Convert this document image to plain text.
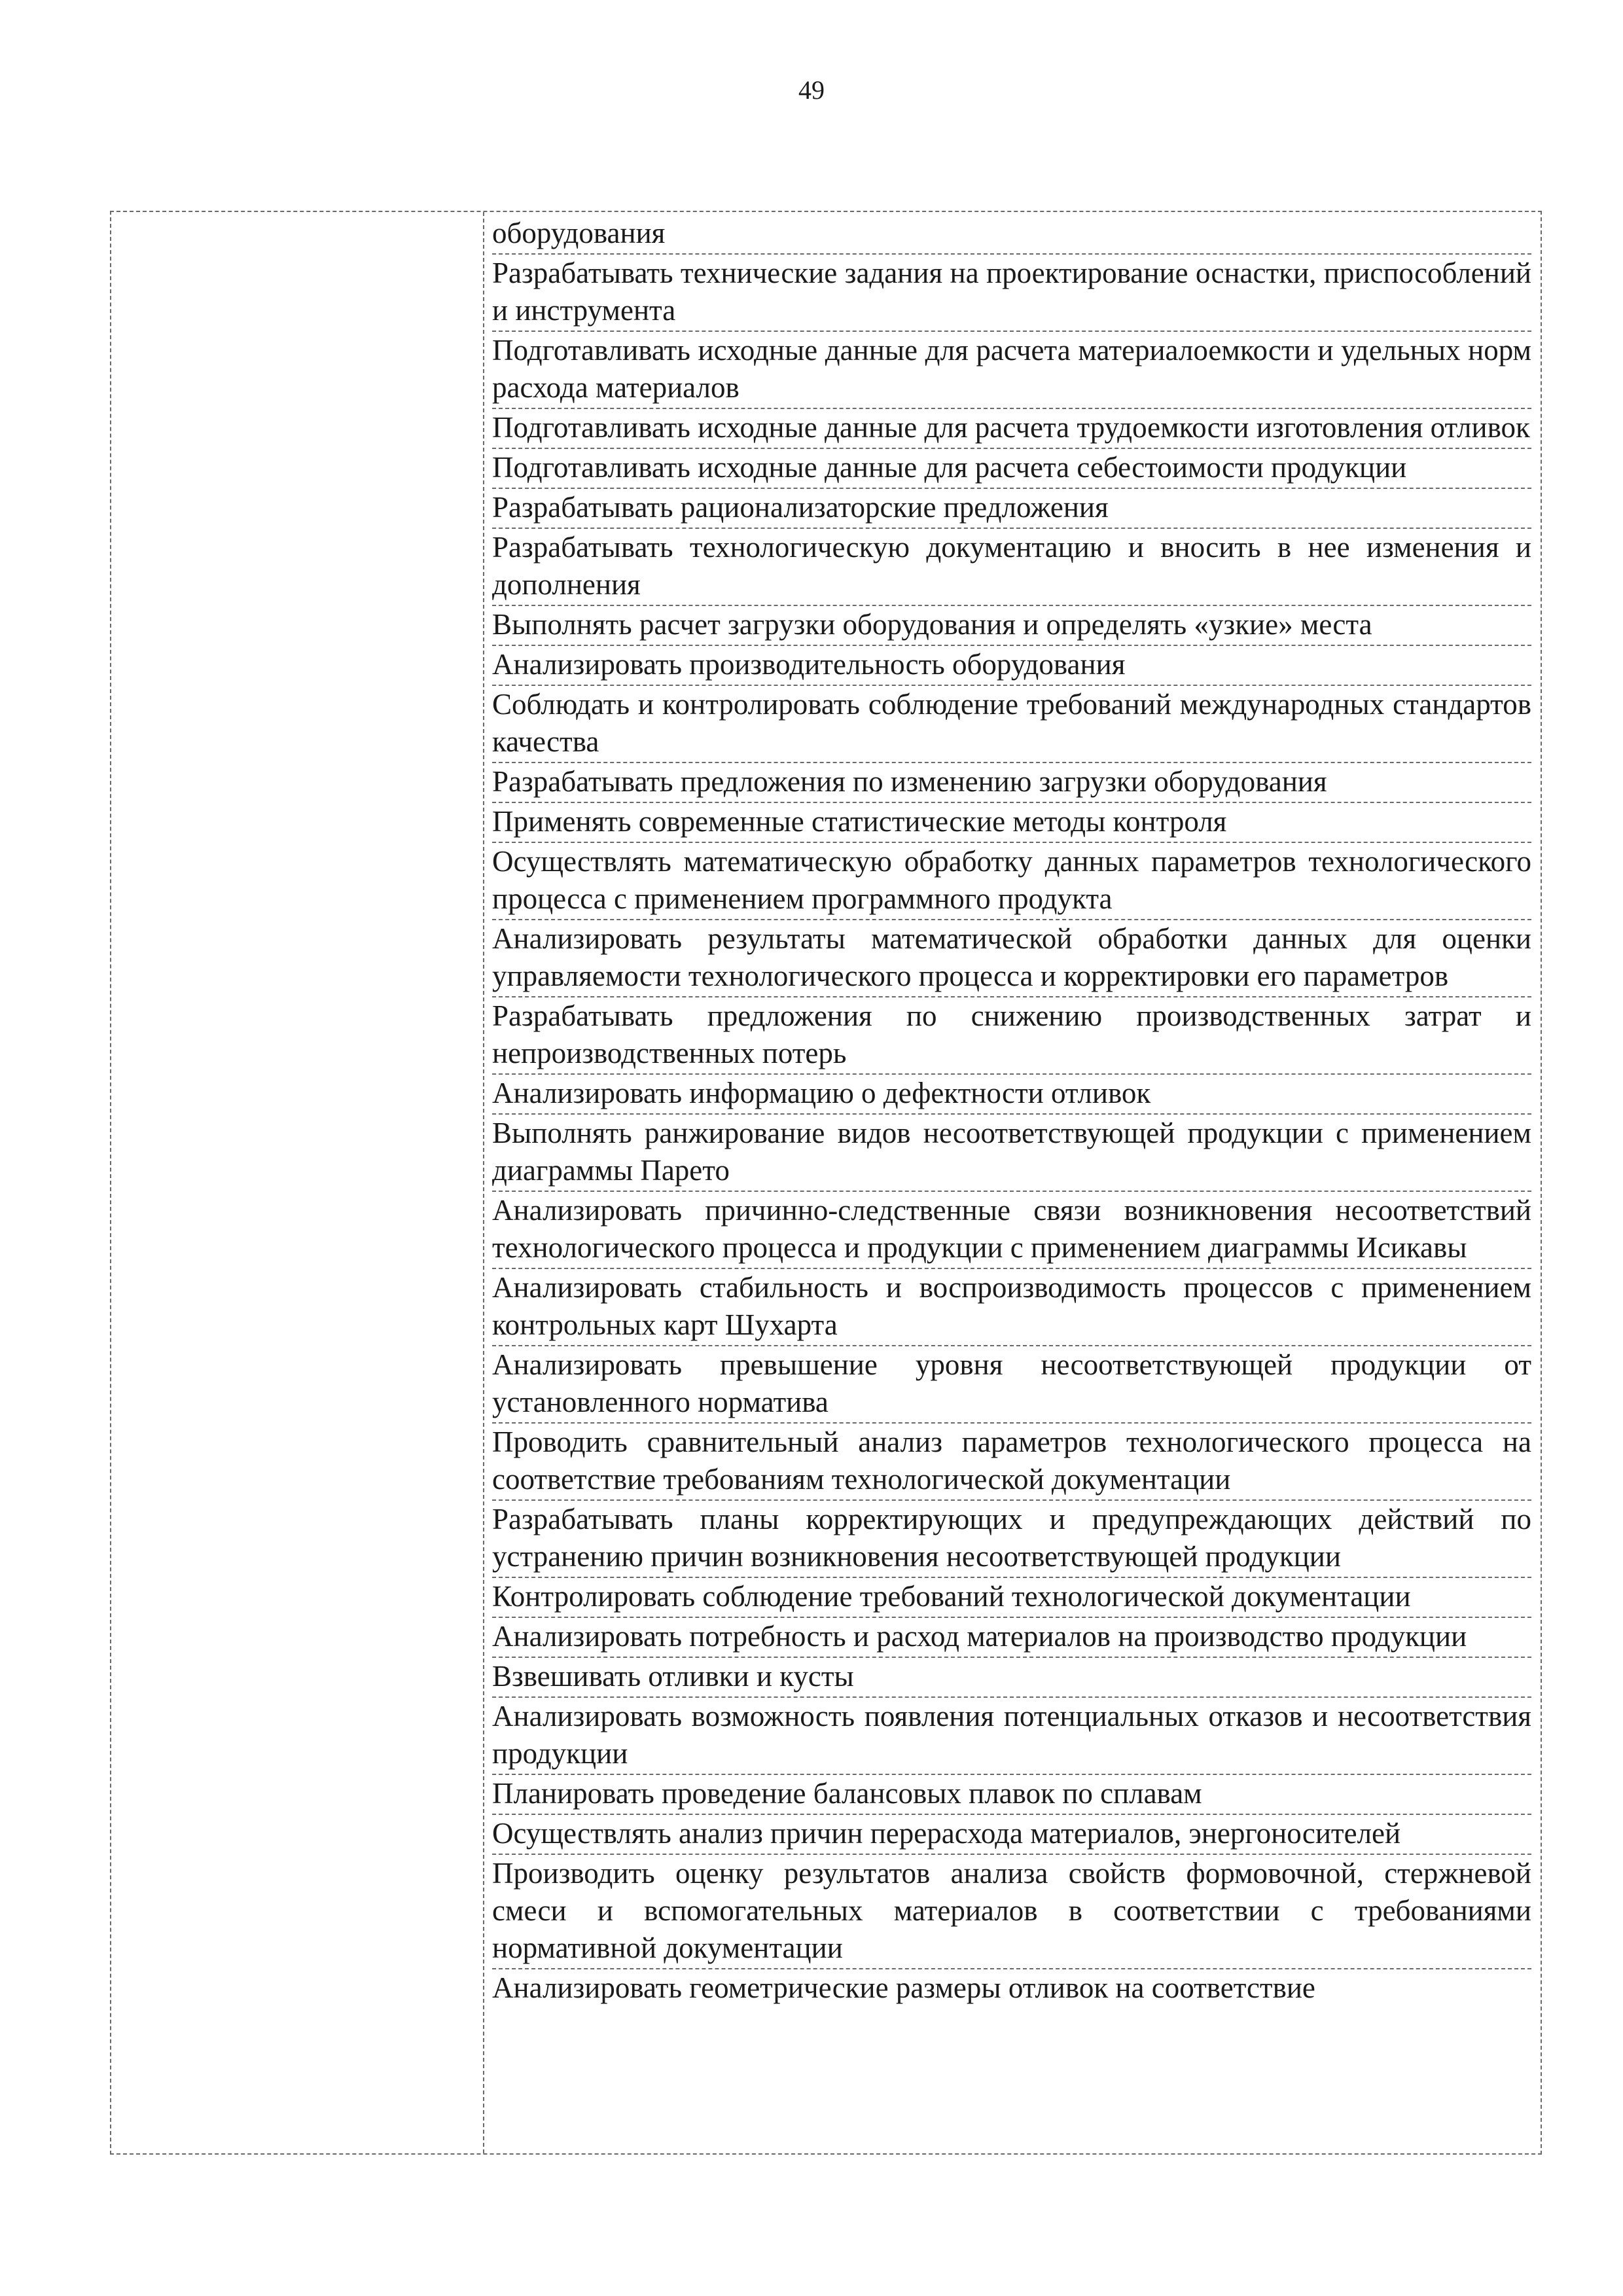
49
оборудования
Разрабатывать технические задания на проектирование оснастки, приспособлений и инструмента
Подготавливать исходные данные для расчета материалоемкости и удельных норм расхода материалов
Подготавливать исходные данные для расчета трудоемкости изготовления отливок
Подготавливать исходные данные для расчета себестоимости продукции
Разрабатывать рационализаторские предложения
Разрабатывать технологическую документацию и вносить в нее изменения и дополнения
Выполнять расчет загрузки оборудования и определять «узкие» места
Анализировать производительность оборудования
Соблюдать и контролировать соблюдение требований международных стандартов качества
Разрабатывать предложения по изменению загрузки оборудования
Применять современные статистические методы контроля
Осуществлять математическую обработку данных параметров технологического процесса с применением программного продукта
Анализировать результаты математической обработки данных для оценки управляемости технологического процесса и корректировки его параметров
Разрабатывать предложения по снижению производственных затрат и непроизводственных потерь
Анализировать информацию о дефектности отливок
Выполнять ранжирование видов несоответствующей продукции с применением диаграммы Парето
Анализировать причинно-следственные связи возникновения несоответствий технологического процесса и продукции с применением диаграммы Исикавы
Анализировать стабильность и воспроизводимость процессов с применением контрольных карт Шухарта
Анализировать превышение уровня несоответствующей продукции от установленного норматива
Проводить сравнительный анализ параметров технологического процесса на соответствие требованиям технологической документации
Разрабатывать планы корректирующих и предупреждающих действий по устранению причин возникновения несоответствующей продукции
Контролировать соблюдение требований технологической документации
Анализировать потребность и расход материалов на производство продукции
Взвешивать отливки и кусты
Анализировать возможность появления потенциальных отказов и несоответствия продукции
Планировать проведение балансовых плавок по сплавам
Осуществлять анализ причин перерасхода материалов, энергоносителей
Производить оценку результатов анализа свойств формовочной, стержневой смеси и вспомогательных материалов в соответствии с требованиями нормативной документации
Анализировать геометрические размеры отливок на соответствие
